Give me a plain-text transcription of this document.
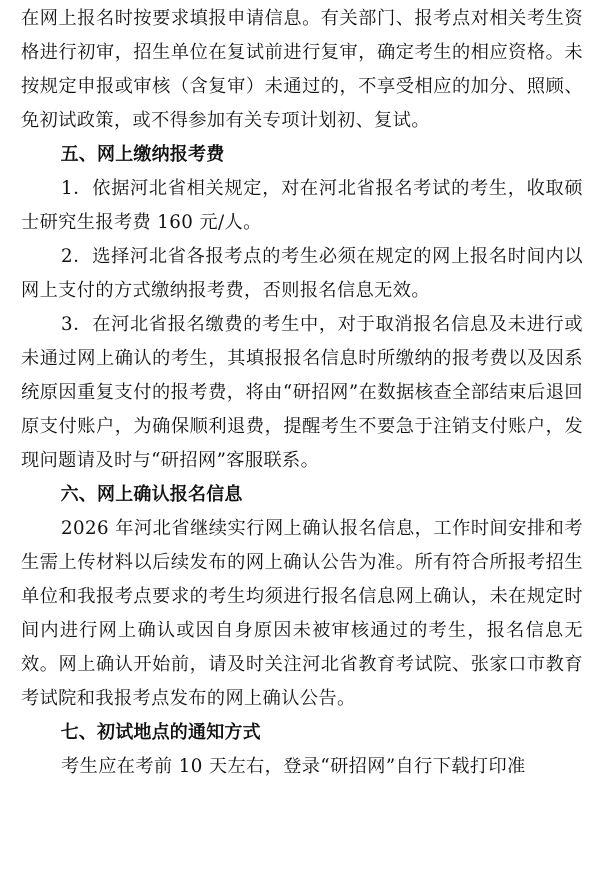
在网上报名时按要求填报申请信息。有关部门、报考点对相关考生资格进行初审，招生单位在复试前进行复审，确定考生的相应资格。未按规定申报或审核（含复审）未通过的，不享受相应的加分、照顾、免初试政策，或不得参加有关专项计划初、复试。

五、网上缴纳报考费

1．依据河北省相关规定，对在河北省报名考试的考生，收取硕士研究生报考费 160 元/人。

2．选择河北省各报考点的考生必须在规定的网上报名时间内以网上支付的方式缴纳报考费，否则报名信息无效。

3．在河北省报名缴费的考生中，对于取消报名信息及未进行或未通过网上确认的考生，其填报报名信息时所缴纳的报考费以及因系统原因重复支付的报考费，将由“研招网”在数据核查全部结束后退回原支付账户，为确保顺利退费，提醒考生不要急于注销支付账户，发现问题请及时与“研招网”客服联系。

六、网上确认报名信息

2026 年河北省继续实行网上确认报名信息，工作时间安排和考生需上传材料以后续发布的网上确认公告为准。所有符合所报考招生单位和我报考点要求的考生均须进行报名信息网上确认，未在规定时间内进行网上确认或因自身原因未被审核通过的考生，报名信息无效。网上确认开始前，请及时关注河北省教育考试院、张家口市教育考试院和我报考点发布的网上确认公告。

七、初试地点的通知方式

考生应在考前 10 天左右，登录“研招网”自行下载打印准
